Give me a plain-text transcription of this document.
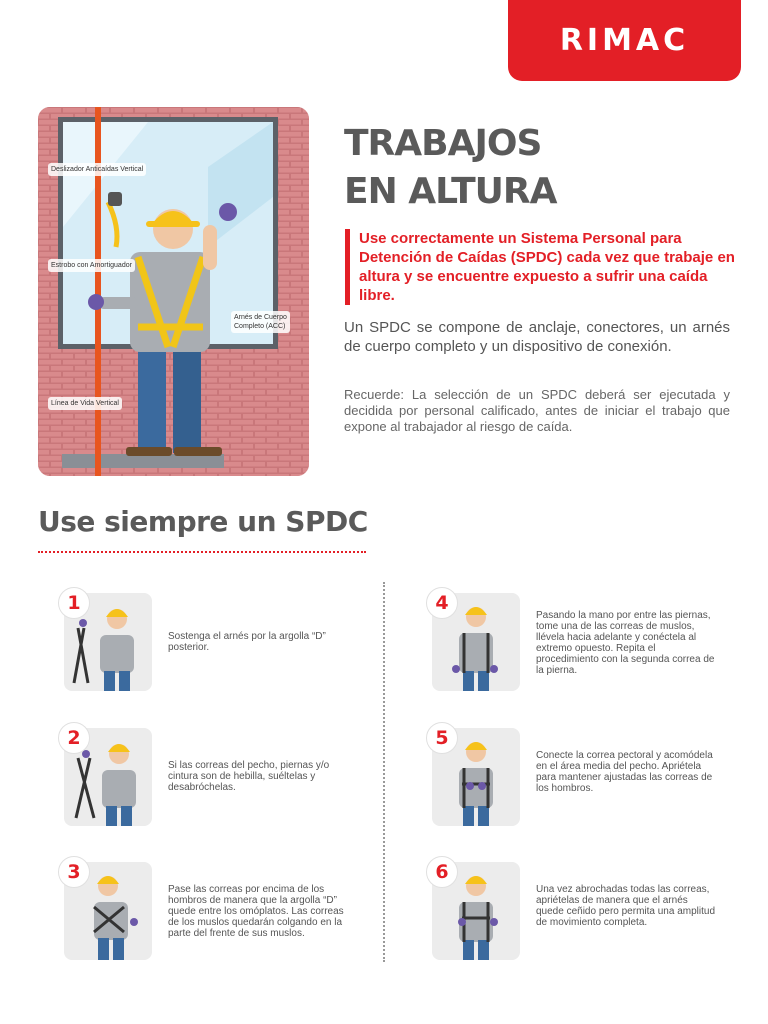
RIMAC
Deslizador Anticaídas Vertical
Estrobo con Amortiguador
Arnés de Cuerpo
Completo (ACC)
Línea de Vida Vertical
TRABAJOS
EN ALTURA
Use correctamente un Sistema Personal para Detención de Caídas (SPDC) cada vez que trabaje en altura y se encuentre expuesto a sufrir una caída libre.
Un SPDC se compone de anclaje, conectores, un arnés de cuerpo completo y un dispositivo de conexión.
Recuerde: La selección de un SPDC deberá ser ejecutada y decidida por personal calificado, antes de iniciar el trabajo que expone al trabajador al riesgo de caída.
Use siempre un SPDC
1
Sostenga el arnés por la argolla “D” posterior.
2
Si las correas del pecho, piernas y/o cintura son de hebilla, suéltelas y desabróchelas.
3
Pase las correas por encima de los hombros de manera que la argolla “D” quede entre los omóplatos. Las correas de los muslos quedarán colgando en la parte del frente de sus muslos.
4
Pasando la mano por entre las piernas, tome una de las correas de muslos, llévela hacia adelante y conéctela al extremo opuesto. Repita el procedimiento con la segunda correa de la pierna.
5
Conecte la correa pectoral y acomódela en el área media del pecho. Apriétela para mantener ajustadas las correas de los hombros.
6
Una vez abrochadas todas las correas, apriételas de manera que el arnés quede ceñido pero permita una amplitud de movimiento completa.
